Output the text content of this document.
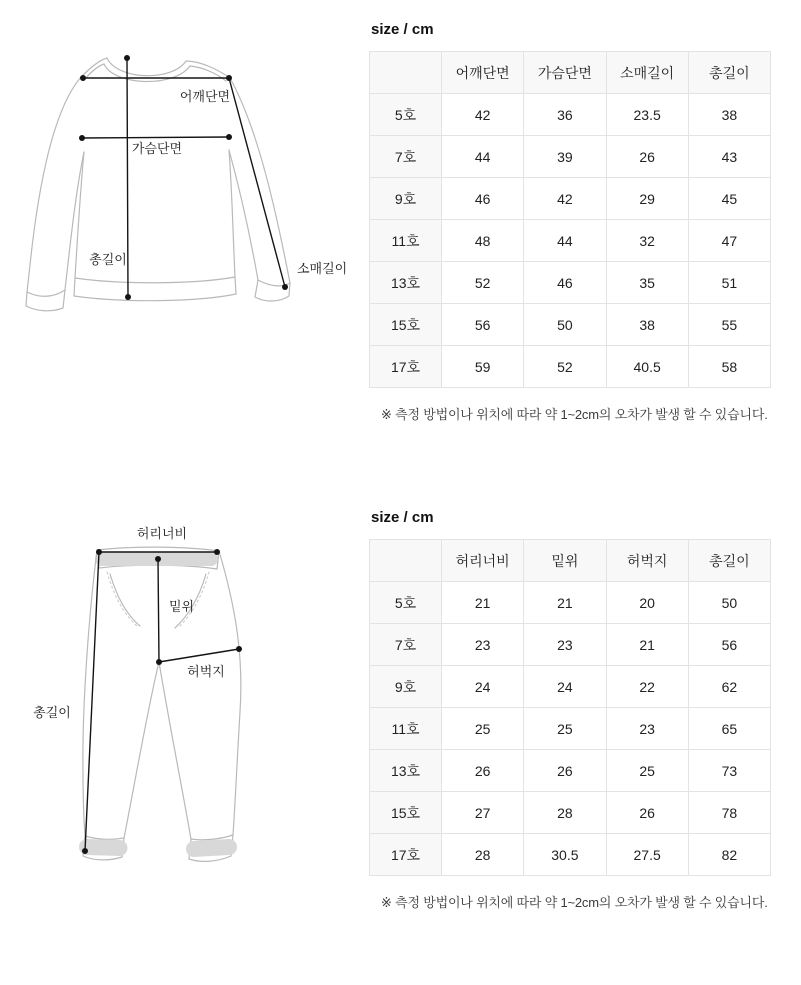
어깨단면
가슴단면
총길이
소매길이
size / cm
	어깨단면	가슴단면	소매길이	총길이
5호	42	36	23.5	38
7호	44	39	26	43
9호	46	42	29	45
11호	48	44	32	47
13호	52	46	35	51
15호	56	50	38	55
17호	59	52	40.5	58
※ 측정 방법이나 위치에 따라 약 1~2cm의 오차가 발생 할 수 있습니다.
허리너비
밑위
허벅지
총길이
size / cm
	허리너비	밑위	허벅지	총길이
5호	21	21	20	50
7호	23	23	21	56
9호	24	24	22	62
11호	25	25	23	65
13호	26	26	25	73
15호	27	28	26	78
17호	28	30.5	27.5	82
※ 측정 방법이나 위치에 따라 약 1~2cm의 오차가 발생 할 수 있습니다.
